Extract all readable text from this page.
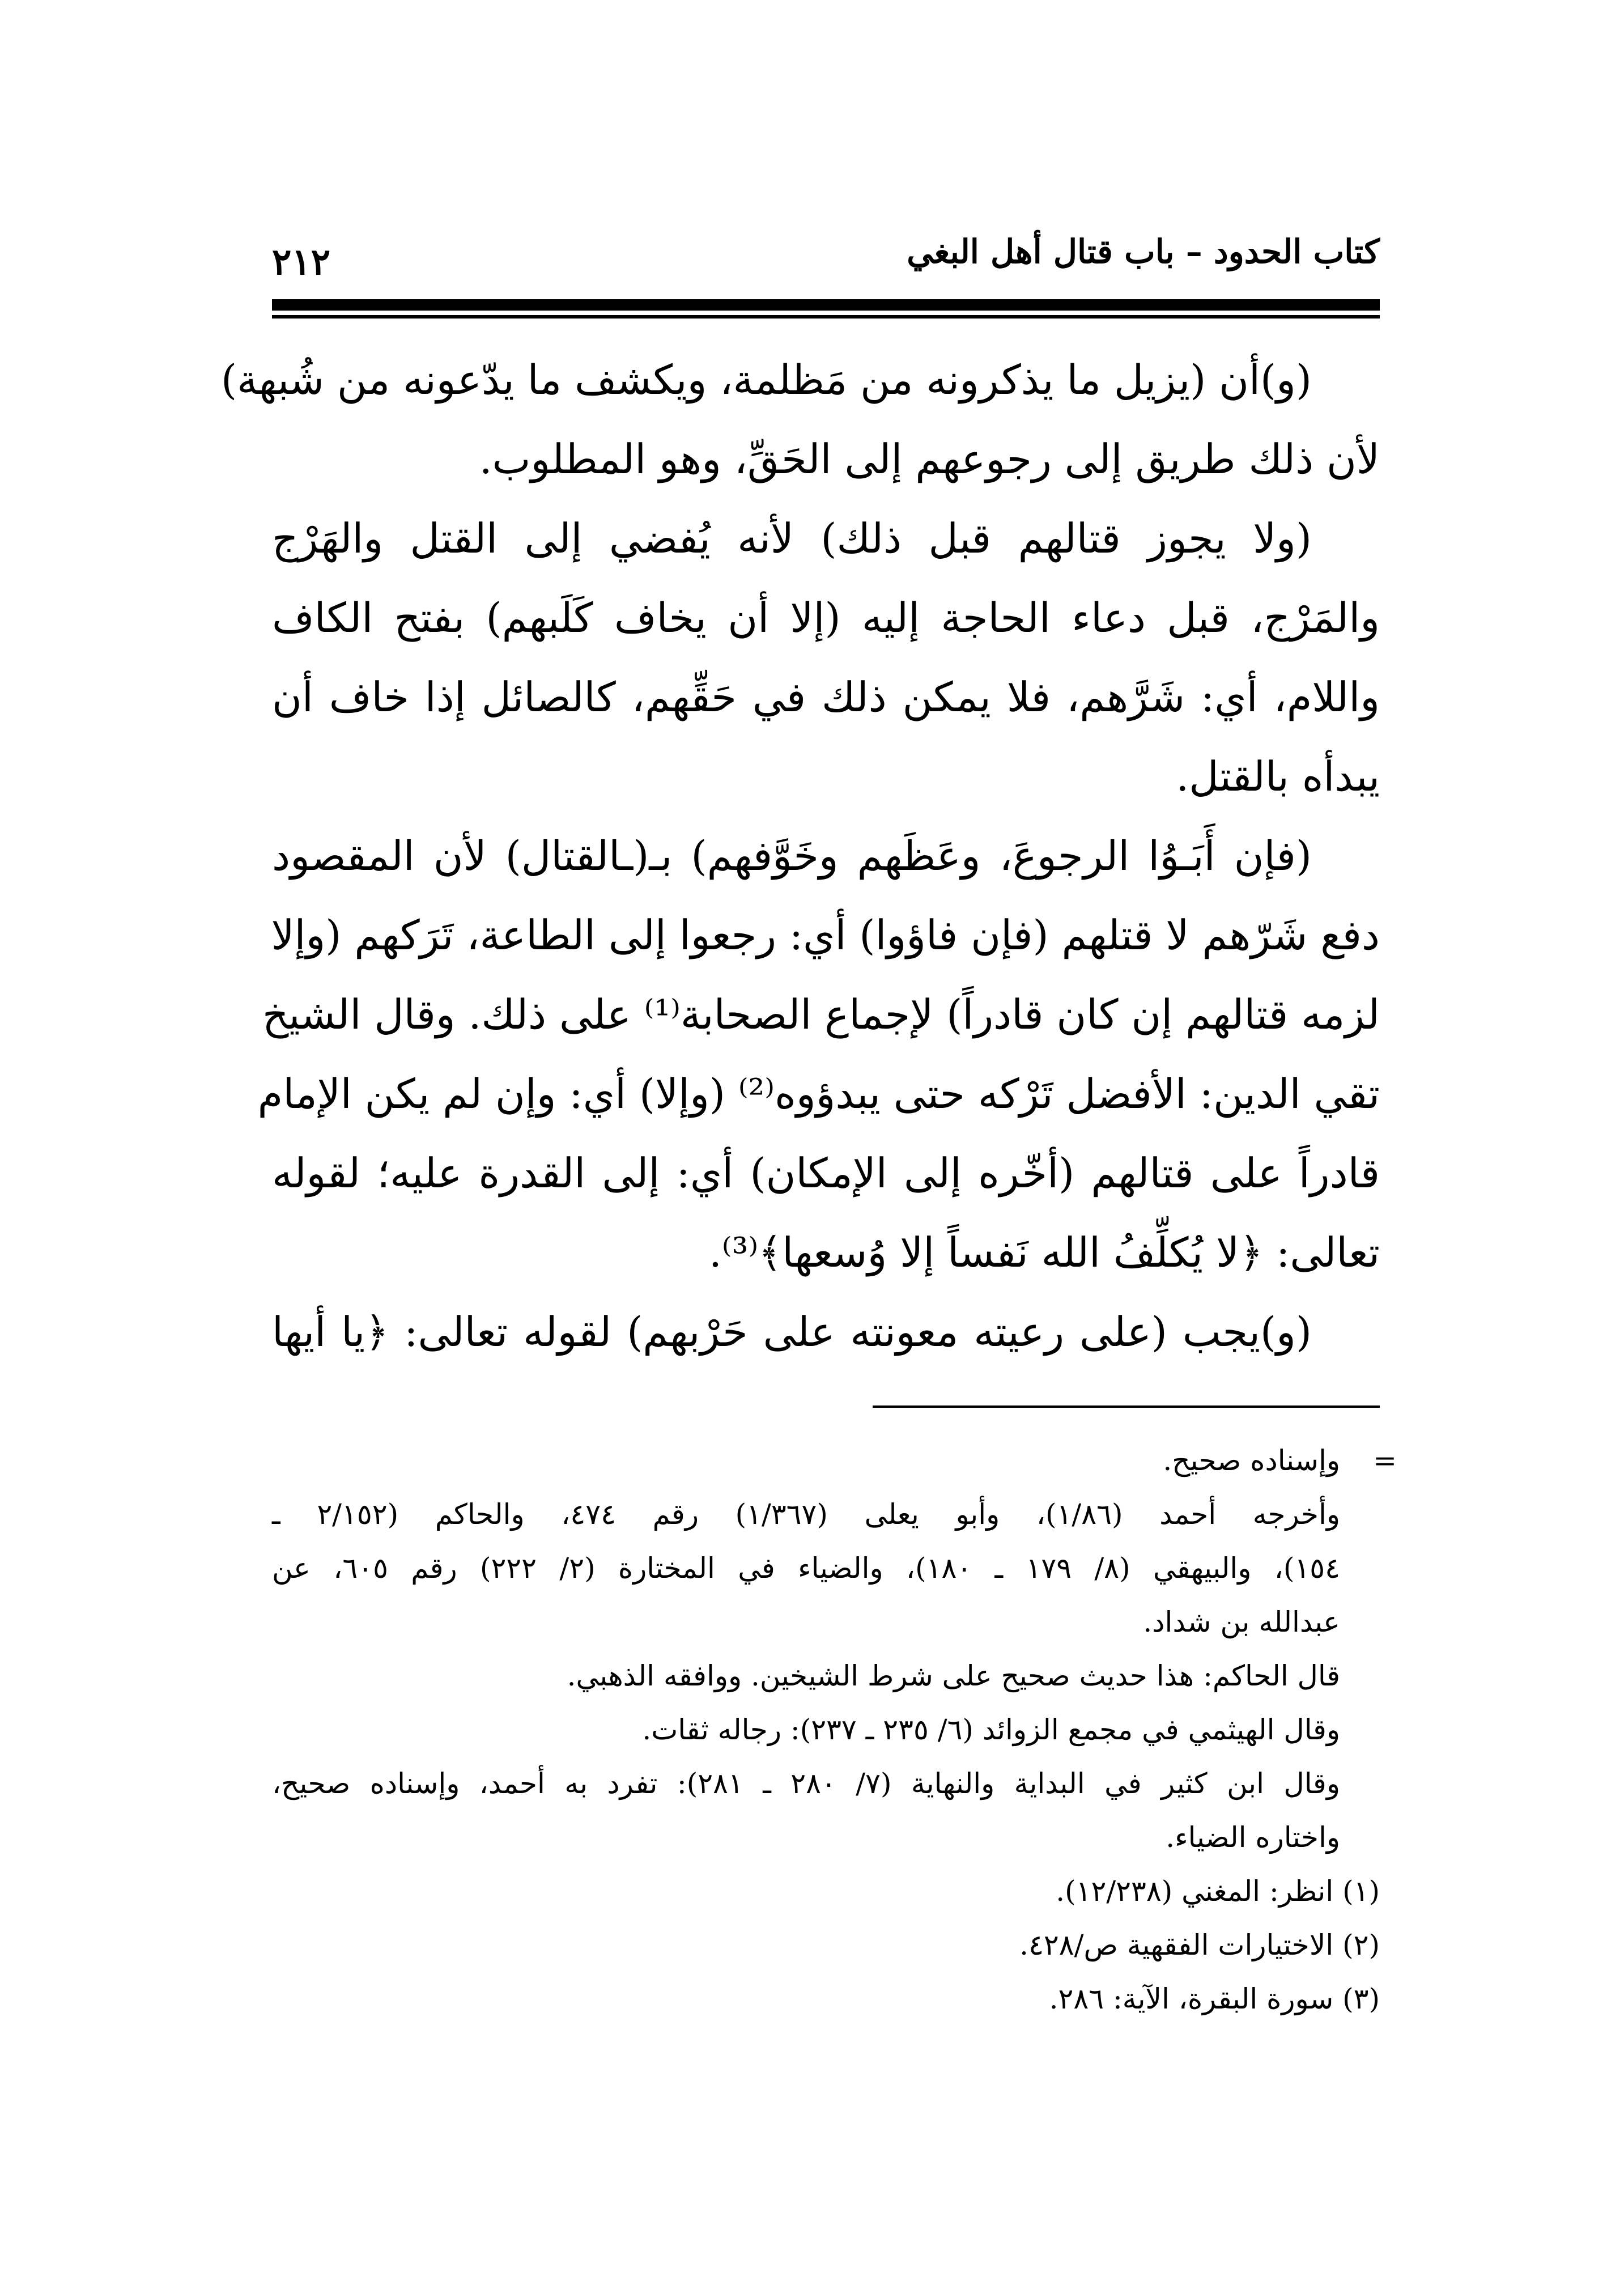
كتاب الحدود – باب قتال أهل البغي
٢١٢
(و)أن (يزيل ما يذكرونه من مَظلمة، ويكشف ما يدّعونه من شُبهة)
لأن ذلك طريق إلى رجوعهم إلى الحَقِّ، وهو المطلوب.
(ولا يجوز قتالهم قبل ذلك) لأنه يُفضي إلى القتل والهَرْج
والمَرْج، قبل دعاء الحاجة إليه (إلا أن يخاف كَلَبهم) بفتح الكاف
واللام، أي: شَرَّهم، فلا يمكن ذلك في حَقِّهم، كالصائل إذا خاف أن
يبدأه بالقتل.
(فإن أَبَـوُا الرجوعَ، وعَظَهم وخَوَّفهم) بـ(ـالقتال) لأن المقصود
دفع شَرّهم لا قتلهم (فإن فاؤوا) أي: رجعوا إلى الطاعة، تَرَكهم (وإلا
لزمه قتالهم إن كان قادراً) لإجماع الصحابة⁽¹⁾ على ذلك. وقال الشيخ
تقي الدين: الأفضل تَرْكه حتى يبدؤوه⁽²⁾ (وإلا) أي: وإن لم يكن الإمام
قادراً على قتالهم (أخّره إلى الإمكان) أي: إلى القدرة عليه؛ لقوله
تعالى: ﴿لا يُكلِّفُ الله نَفساً إلا وُسعها﴾⁽³⁾.
(و)يجب (على رعيته معونته على حَرْبهم) لقوله تعالى: ﴿يا أيها
=
وإسناده صحيح.
وأخرجه أحمد (١/٨٦)، وأبو يعلى (١/٣٦٧) رقم ٤٧٤، والحاكم (٢/١٥٢ ـ
١٥٤)، والبيهقي (٨/ ١٧٩ ـ ١٨٠)، والضياء في المختارة (٢/ ٢٢٢) رقم ٦٠٥، عن
عبدالله بن شداد.
قال الحاكم: هذا حديث صحيح على شرط الشيخين. ووافقه الذهبي.
وقال الهيثمي في مجمع الزوائد (٦/ ٢٣٥ ـ ٢٣٧): رجاله ثقات.
وقال ابن كثير في البداية والنهاية (٧/ ٢٨٠ ـ ٢٨١): تفرد به أحمد، وإسناده صحيح،
واختاره الضياء.
(١) انظر: المغني (١٢/٢٣٨).
(٢) الاختيارات الفقهية ص/٤٢٨.
(٣) سورة البقرة، الآية: ٢٨٦.
